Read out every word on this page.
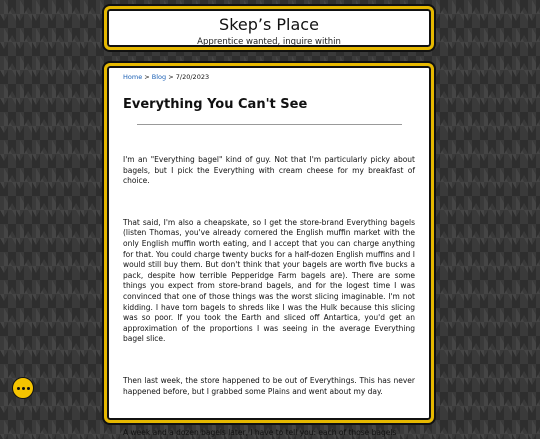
Skep’s Place
Apprentice wanted, inquire within
Home > Blog > 7/20/2023
Everything You Can't See

I'm an "Everything bagel" kind of guy. Not that I'm particularly picky about bagels, but I pick the Everything with cream cheese for my breakfast of choice.

That said, I'm also a cheapskate, so I get the store-brand Everything bagels (listen Thomas, you've already cornered the English muffin market with the only English muffin worth eating, and I accept that you can charge anything for that. You could charge twenty bucks for a half-dozen English muffins and I would still buy them. But don't think that your bagels are worth five bucks a pack, despite how terrible Pepperidge Farm bagels are). There are some things you expect from store-brand bagels, and for the logest time I was convinced that one of those things was the worst slicing imaginable. I'm not kidding. I have torn bagels to shreds like I was the Hulk because this slicing was so poor. If you took the Earth and sliced off Antartica, you'd get an approximation of the proportions I was seeing in the average Everything bagel slice.

Then last week, the store happened to be out of Everythings. This has never happened before, but I grabbed some Plains and went about my day.

A week and a dozen bagels later, I have to tell you: each of those bagels
